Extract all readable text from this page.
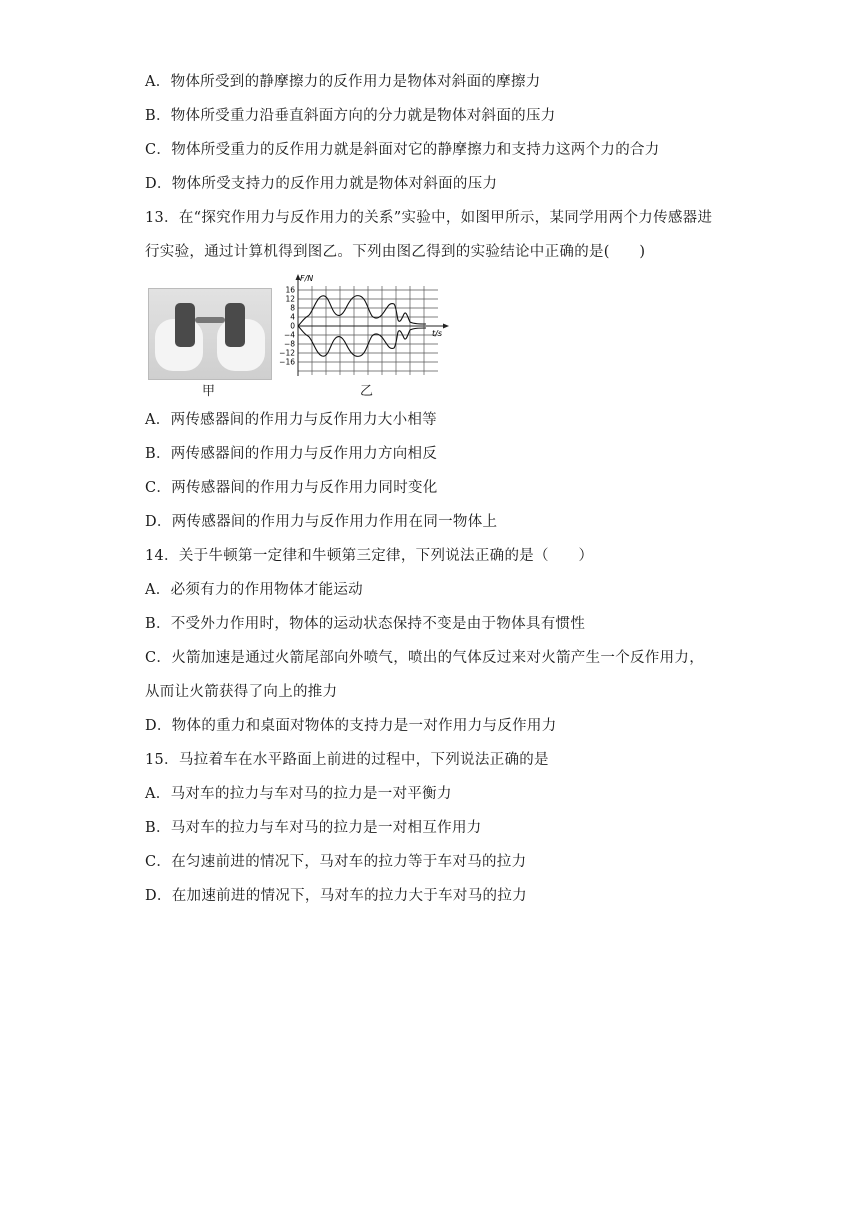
A．物体所受到的静摩擦力的反作用力是物体对斜面的摩擦力
B．物体所受重力沿垂直斜面方向的分力就是物体对斜面的压力
C．物体所受重力的反作用力就是斜面对它的静摩擦力和支持力这两个力的合力
D．物体所受支持力的反作用力就是物体对斜面的压力
13．在“探究作用力与反作用力的关系”实验中，如图甲所示，某同学用两个力传感器进
行实验，通过计算机得到图乙。下列由图乙得到的实验结论中正确的是(　　)
甲
F/N
t/s
16
12
8
4
0
−4
−8
−12
−16
乙
A．两传感器间的作用力与反作用力大小相等
B．两传感器间的作用力与反作用力方向相反
C．两传感器间的作用力与反作用力同时变化
D．两传感器间的作用力与反作用力作用在同一物体上
14．关于牛顿第一定律和牛顿第三定律，下列说法正确的是（　　）
A．必须有力的作用物体才能运动
B．不受外力作用时，物体的运动状态保持不变是由于物体具有惯性
C．火箭加速是通过火箭尾部向外喷气，喷出的气体反过来对火箭产生一个反作用力，
从而让火箭获得了向上的推力
D．物体的重力和桌面对物体的支持力是一对作用力与反作用力
15．马拉着车在水平路面上前进的过程中，下列说法正确的是
A．马对车的拉力与车对马的拉力是一对平衡力
B．马对车的拉力与车对马的拉力是一对相互作用力
C．在匀速前进的情况下，马对车的拉力等于车对马的拉力
D．在加速前进的情况下，马对车的拉力大于车对马的拉力
